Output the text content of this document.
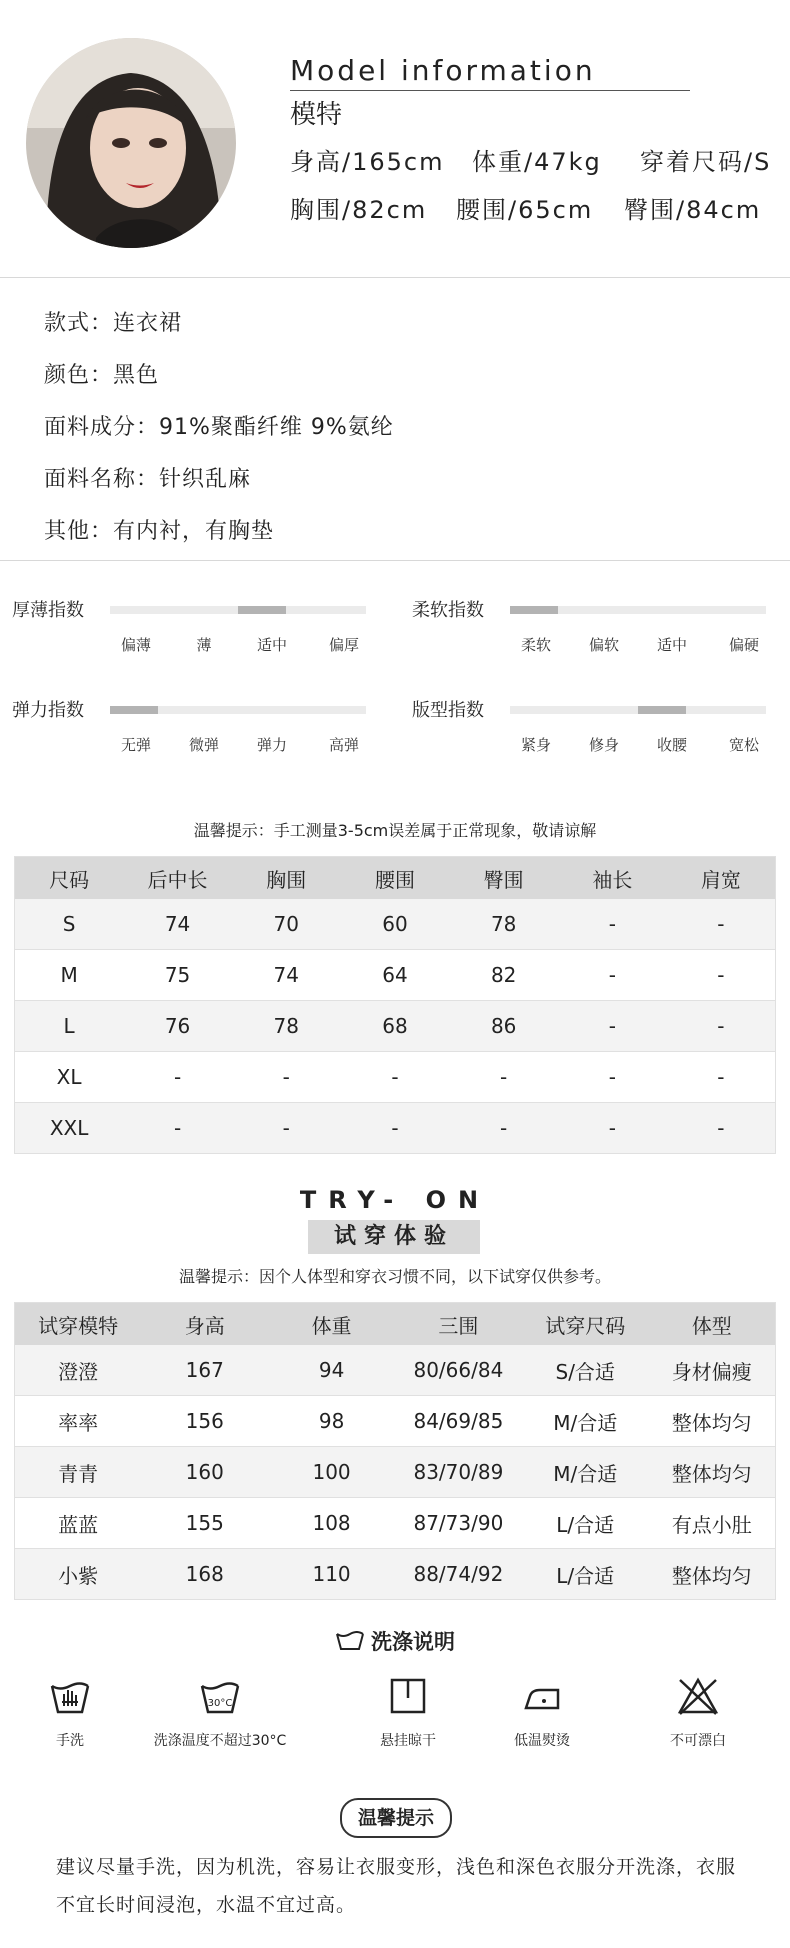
Model information
模特
身高/165cm 体重/47kg 穿着尺码/S
胸围/82cm 腰围/65cm 臀围/84cm
款式：连衣裙
颜色：黑色
面料成分：91%聚酯纤维 9%氨纶
面料名称：针织乱麻
其他：有内衬，有胸垫
厚薄指数
偏薄	薄	适中	偏厚
柔软指数
柔软	偏软	适中	偏硬
弹力指数
无弹	微弹	弹力	高弹
版型指数
紧身	修身	收腰	宽松
温馨提示：手工测量3-5cm误差属于正常现象，敬请谅解
尺码	后中长	胸围	腰围	臀围	袖长	肩宽
S	74	70	60	78	-	-
M	75	74	64	82	-	-
L	76	78	68	86	-	-
XL	-	-	-	-	-	-
XXL	-	-	-	-	-	-
TRY- ON
试穿体验
温馨提示：因个人体型和穿衣习惯不同，以下试穿仅供参考。
试穿模特	身高	体重	三围	试穿尺码	体型
澄澄	167	94	80/66/84	S/合适	身材偏瘦
率率	156	98	84/69/85	M/合适	整体均匀
青青	160	100	83/70/89	M/合适	整体均匀
蓝蓝	155	108	87/73/90	L/合适	有点小肚
小紫	168	110	88/74/92	L/合适	整体均匀
洗涤说明
手洗
30°C
洗涤温度不超过30°C	悬挂晾干	低温熨烫	不可漂白
温馨提示
建议尽量手洗，因为机洗，容易让衣服变形，浅色和深色衣服分开洗涤，衣服不宜长时间浸泡，水温不宜过高。
